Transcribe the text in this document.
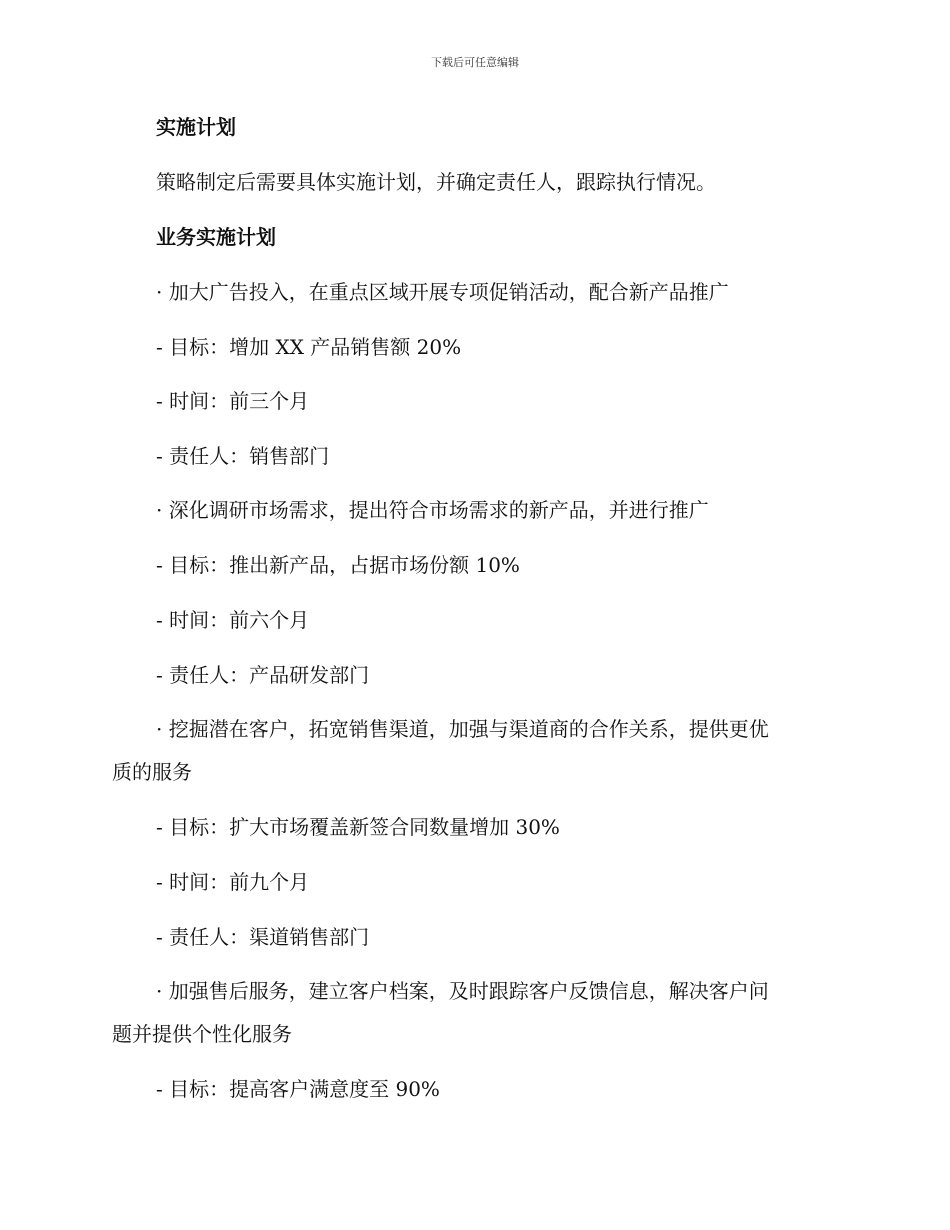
下载后可任意编辑
实施计划
策略制定后需要具体实施计划，并确定责任人，跟踪执行情况。
业务实施计划
· 加大广告投入，在重点区域开展专项促销活动，配合新产品推广
- 目标：增加 XX 产品销售额 20%
- 时间：前三个月
- 责任人：销售部门
· 深化调研市场需求，提出符合市场需求的新产品，并进行推广
- 目标：推出新产品，占据市场份额 10%
- 时间：前六个月
- 责任人：产品研发部门
· 挖掘潜在客户，拓宽销售渠道，加强与渠道商的合作关系，提供更优
质的服务
- 目标：扩大市场覆盖新签合同数量增加 30%
- 时间：前九个月
- 责任人：渠道销售部门
· 加强售后服务，建立客户档案，及时跟踪客户反馈信息，解决客户问
题并提供个性化服务
- 目标：提高客户满意度至 90%
